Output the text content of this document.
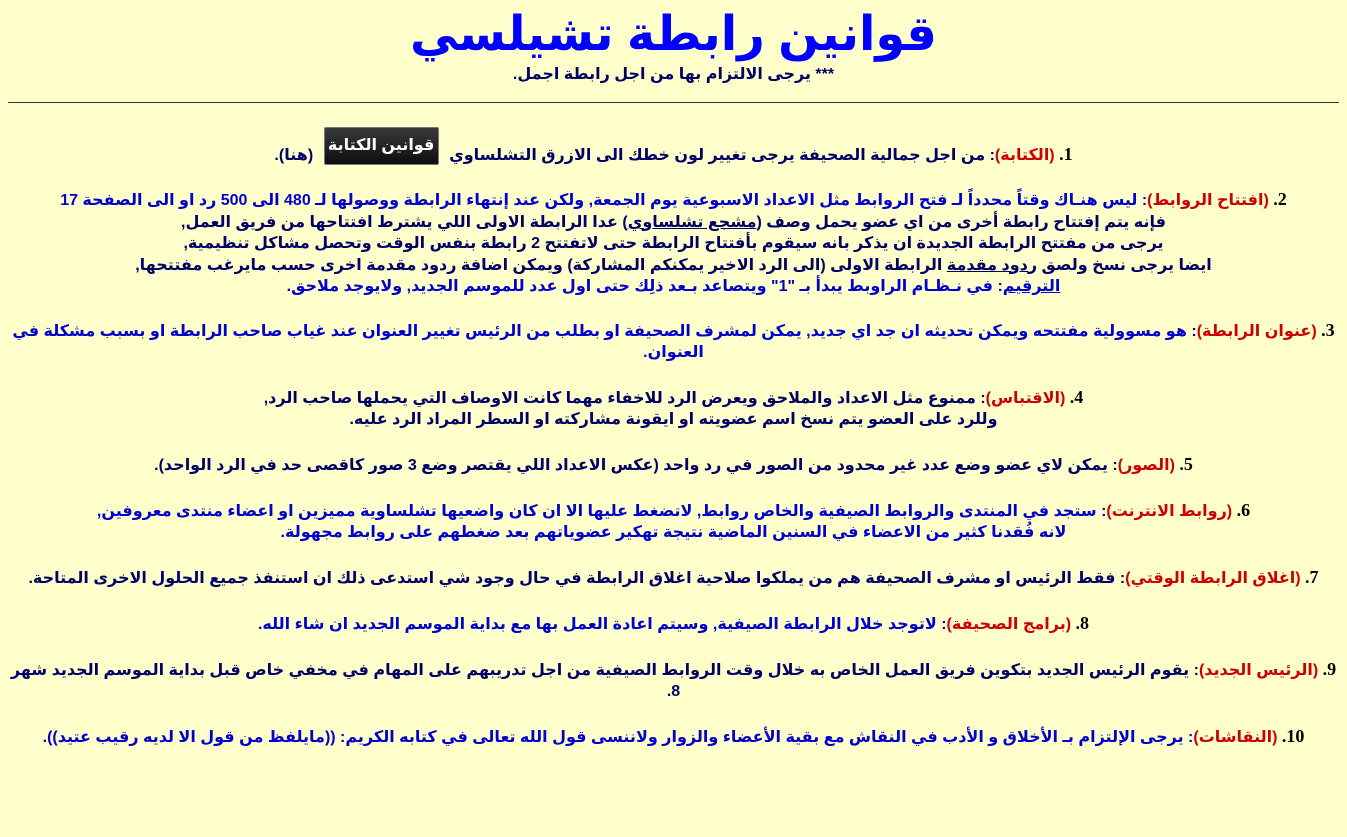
قوانين رابطة تشيلسي
*** يرجى الالتزام بها من اجل رابطة اجمل.
1. (الكتابة): من اجل جمالية الصحيفة يرجى تغيير لون خطك الى الازرق التشلساوي قوانين الكتابة (هنا).
2. (افتتاح الروابط): ليس هنـاك وقتاً محدداً لـ فتح الروابط مثل الاعداد الاسبوعية يوم الجمعة, ولكن عند إنتهاء الرابطة ووصولها لـ 480 الى 500 رد او الى الصفحة 17
فإنه يتم إفتتاح رابطة أخرى من اي عضو يحمل وصف (مشجع تشلساوي) عدا الرابطة الاولى اللي يشترط افتتاحها من فريق العمل,
يرجى من مفتتح الرابطة الجديدة ان يذكر بانه سيقوم بأفتتاح الرابطة حتى لاتفتتح 2 رابطة بنفس الوقت وتحصل مشاكل تنظيمية,
ايضا يرجى نسخ ولصق ردود مقدمة الرابطة الاولى (الى الرد الاخير يمكنكم المشاركة) ويمكن اضافة ردود مقدمة اخرى حسب مايرغب مفتتحها,
الترقيم: في نـظـام الراوبط يبدأ بـ "1" ويتصاعد بـعد ذلِك حتى اول عدد للموسم الجديد, ولايوجد ملاحق.
3. (عنوان الرابطة): هو مسوولية مفتتحه ويمكن تحديثه ان جد اي جديد, يمكن لمشرف الصحيفة او بطلب من الرئيس تغيير العنوان عند غياب صاحب الرابطة او بسبب مشكلة في العنوان.
4. (الاقتباس): ممنوع مثل الاعداد والملاحق ويعرض الرد للاخفاء مهما كانت الاوصاف التي يحملها صاحب الرد,
وللرد على العضو يتم نسخ اسم عضويته او ايقونة مشاركته او السطر المراد الرد عليه.
5. (الصور): يمكن لاي عضو وضع عدد غير محدود من الصور في رد واحد (عكس الاعداد اللي يقتصر وضع 3 صور كاقصى حد في الرد الواحد).
6. (روابط الانترنت): ستجد في المنتدى والروابط الصيفية والخاص روابط, لاتضغط عليها الا ان كان واضعيها تشلساوية مميزين او اعضاء منتدى معروفين,
لانه فُقدنا كثير من الاعضاء في السنين الماضية نتيجة تهكير عضوياتهم بعد ضغطهم على روابط مجهولة.
7. (اغلاق الرابطة الوقتي): فقط الرئيس او مشرف الصحيفة هم من يملكوا صلاحية اغلاق الرابطة في حال وجود شي استدعى ذلك ان استنفذ جميع الحلول الاخرى المتاحة.
8. (برامج الصحيفة): لاتوجد خلال الرابطة الصيفية, وسيتم اعادة العمل بها مع بداية الموسم الجديد ان شاء الله.
9. (الرئيس الجديد): يقوم الرئيس الجديد بتكوين فريق العمل الخاص به خلال وقت الروابط الصيفية من اجل تدريبهم على المهام في مخفي خاص قبل بداية الموسم الجديد شهر 8.
10. (النقاشات): يرجى الإلتزام بـ الأخلاق و الأدب في النقاش مع بقية الأعضاء والزوار ولاننسى قول الله تعالى في كتابه الكريم: ((مايلفظ من قول الا لديه رقيب عتيد)).
